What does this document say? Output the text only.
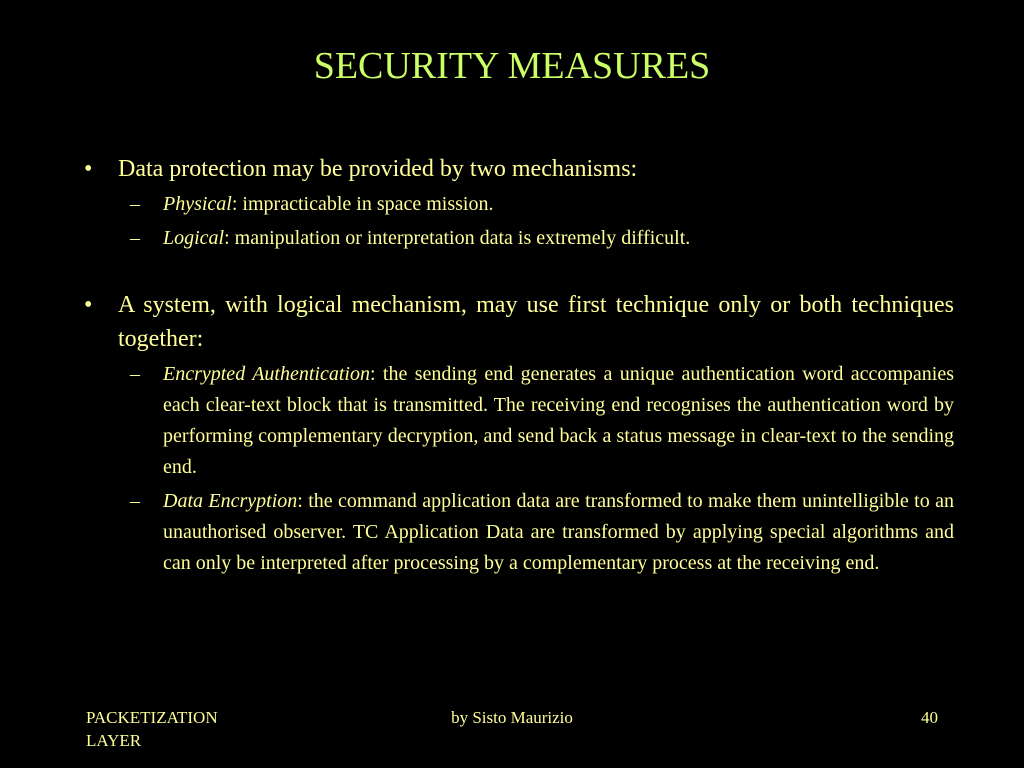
SECURITY MEASURES
• Data protection may be provided by two mechanisms:
– Physical: impracticable in space mission.
– Logical: manipulation or interpretation data is extremely difficult.
• A system, with logical mechanism, may use first technique only or both techniques together:
– Encrypted Authentication: the sending end generates a unique authentication word accompanies each clear-text block that is transmitted. The receiving end recognises the authentication word by performing complementary decryption, and send back a status message in clear-text to the sending end.
– Data Encryption: the command application data are transformed to make them unintelligible to an unauthorised observer. TC Application Data are transformed by applying special algorithms and can only be interpreted after processing by a complementary process at the receiving end.
PACKETIZATION LAYER
by Sisto Maurizio	40
